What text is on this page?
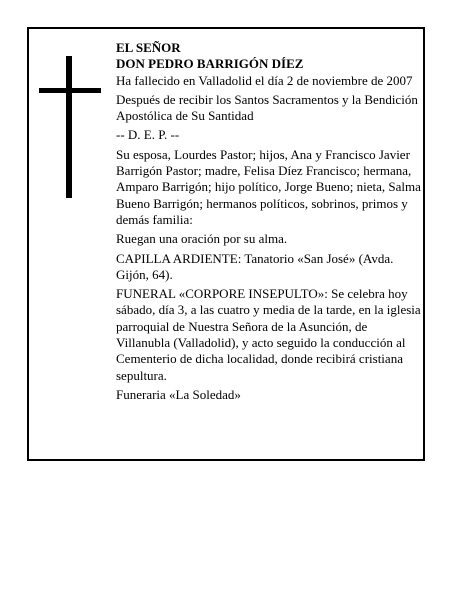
EL SEÑOR

DON PEDRO BARRIGÓN DÍEZ

Ha fallecido en Valladolid el día 2 de noviembre de 2007

Después de recibir los Santos Sacramentos y la Bendición Apostólica de Su Santidad

-- D. E. P. --

Su esposa, Lourdes Pastor; hijos, Ana y Francisco Javier Barrigón Pastor; madre, Felisa Díez Francisco; hermana, Amparo Barrigón; hijo político, Jorge Bueno; nieta, Salma Bueno Barrigón; hermanos políticos, sobrinos, primos y demás familia:

Ruegan una oración por su alma.

CAPILLA ARDIENTE: Tanatorio «San José» (Avda. Gijón, 64).

FUNERAL «CORPORE INSEPULTO»: Se celebra hoy sábado, día 3, a las cuatro y media de la tarde, en la iglesia parroquial de Nuestra Señora de la Asunción, de Villanubla (Valladolid), y acto seguido la conducción al Cementerio de dicha localidad, donde recibirá cristiana sepultura.

Funeraria «La Soledad»
